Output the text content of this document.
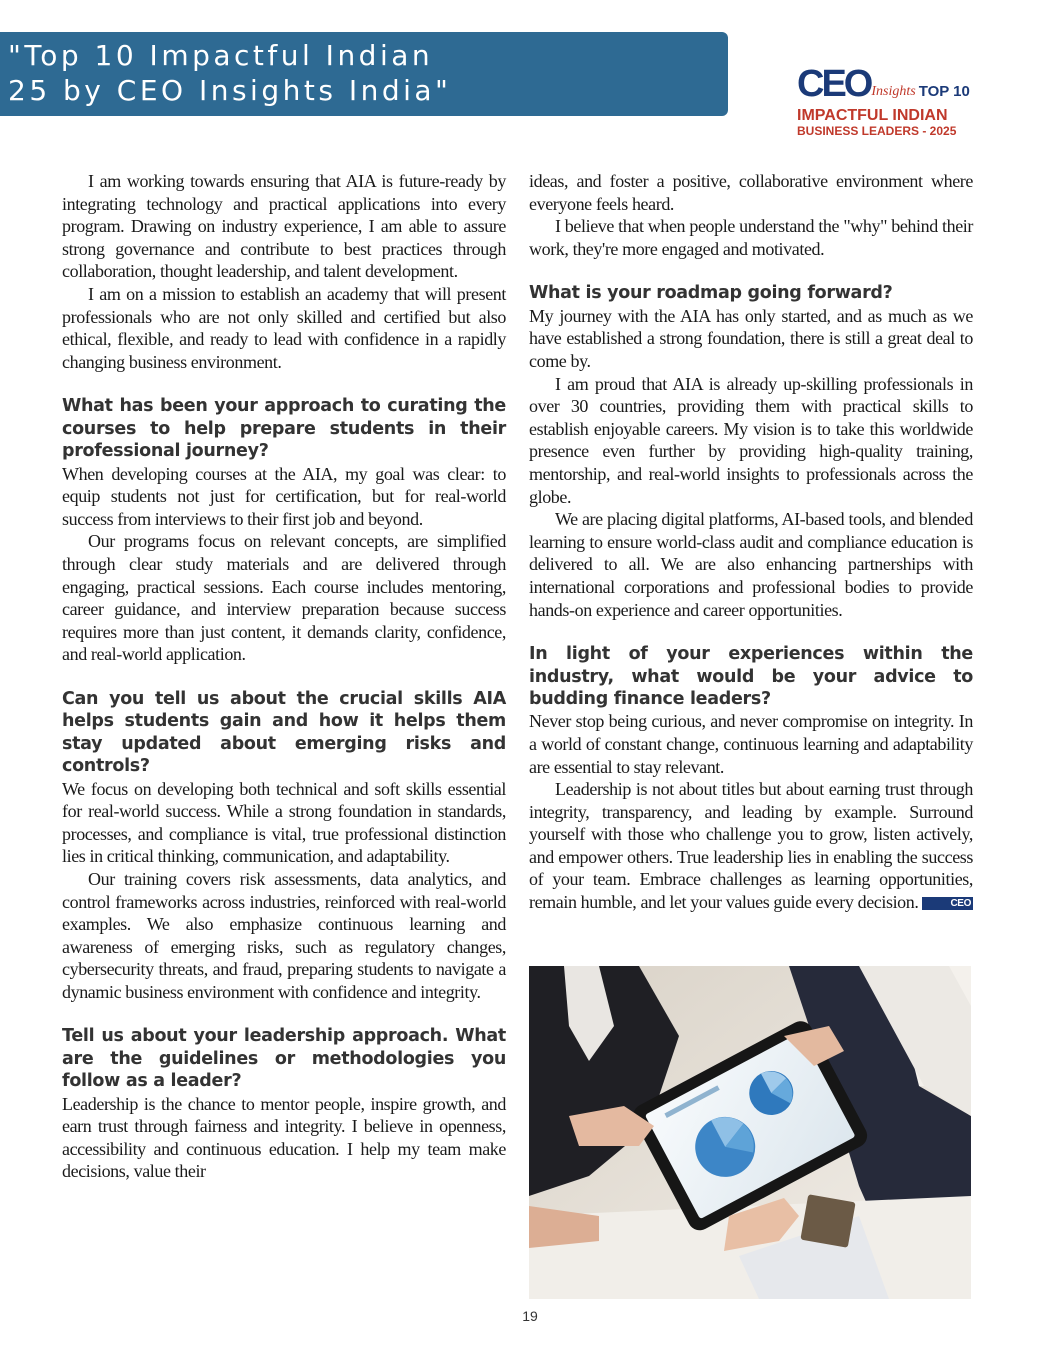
"Top 10 Impactful Indian
25 by CEO Insights India"	CEO Insights TOP 10
IMPACTFUL INDIAN
BUSINESS LEADERS - 2025

I am working towards ensuring that AIA is future-ready by integrating technology and practical applications into every program. Drawing on industry experience, I am able to assure strong governance and contribute to best practices through collaboration, thought leadership, and talent development.

I am on a mission to establish an academy that will present professionals who are not only skilled and certified but also ethical, flexible, and ready to lead with confidence in a rapidly changing business environment.

What has been your approach to curating the courses to help prepare students in their professional journey?

When developing courses at the AIA, my goal was clear: to equip students not just for certification, but for real-world success from interviews to their first job and beyond.

Our programs focus on relevant concepts, are simplified through clear study materials and are delivered through engaging, practical sessions. Each course includes mentoring, career guidance, and interview preparation because success requires more than just content, it demands clarity, confidence, and real-world application.

Can you tell us about the crucial skills AIA helps students gain and how it helps them stay updated about emerging risks and controls?

We focus on developing both technical and soft skills essential for real-world success. While a strong foundation in standards, processes, and compliance is vital, true professional distinction lies in critical thinking, communication, and adaptability.

Our training covers risk assessments, data analytics, and control frameworks across industries, reinforced with real-world examples. We also emphasize continuous learning and awareness of emerging risks, such as regulatory changes, cybersecurity threats, and fraud, preparing students to navigate a dynamic business environment with confidence and integrity.

Tell us about your leadership approach. What are the guidelines or methodologies you follow as a leader?

Leadership is the chance to mentor people, inspire growth, and earn trust through fairness and integrity. I believe in openness, accessibility and continuous education. I help my team make decisions, value their

ideas, and foster a positive, collaborative environment where everyone feels heard.

I believe that when people understand the "why" behind their work, they're more engaged and motivated.

What is your roadmap going forward?

My journey with the AIA has only started, and as much as we have established a strong foundation, there is still a great deal to come by.

I am proud that AIA is already up-skilling professionals in over 30 countries, providing them with practical skills to establish enjoyable careers. My vision is to take this worldwide presence even further by providing high-quality training, mentorship, and real-world insights to professionals across the globe.

We are placing digital platforms, AI-based tools, and blended learning to ensure world-class audit and compliance education is delivered to all. We are also enhancing partnerships with international corporations and professional bodies to provide hands-on experience and career opportunities.

In light of your experiences within the industry, what would be your advice to budding finance leaders?

Never stop being curious, and never compromise on integrity. In a world of constant change, continuous learning and adaptability are essential to stay relevant.

Leadership is not about titles but about earning trust through integrity, transparency, and leading by example. Surround yourself with those who challenge you to grow, listen actively, and empower others. True leadership lies in enabling the success of your team. Embrace challenges as learning opportunities, remain humble, and let your values guide every decision.	CEO

19
